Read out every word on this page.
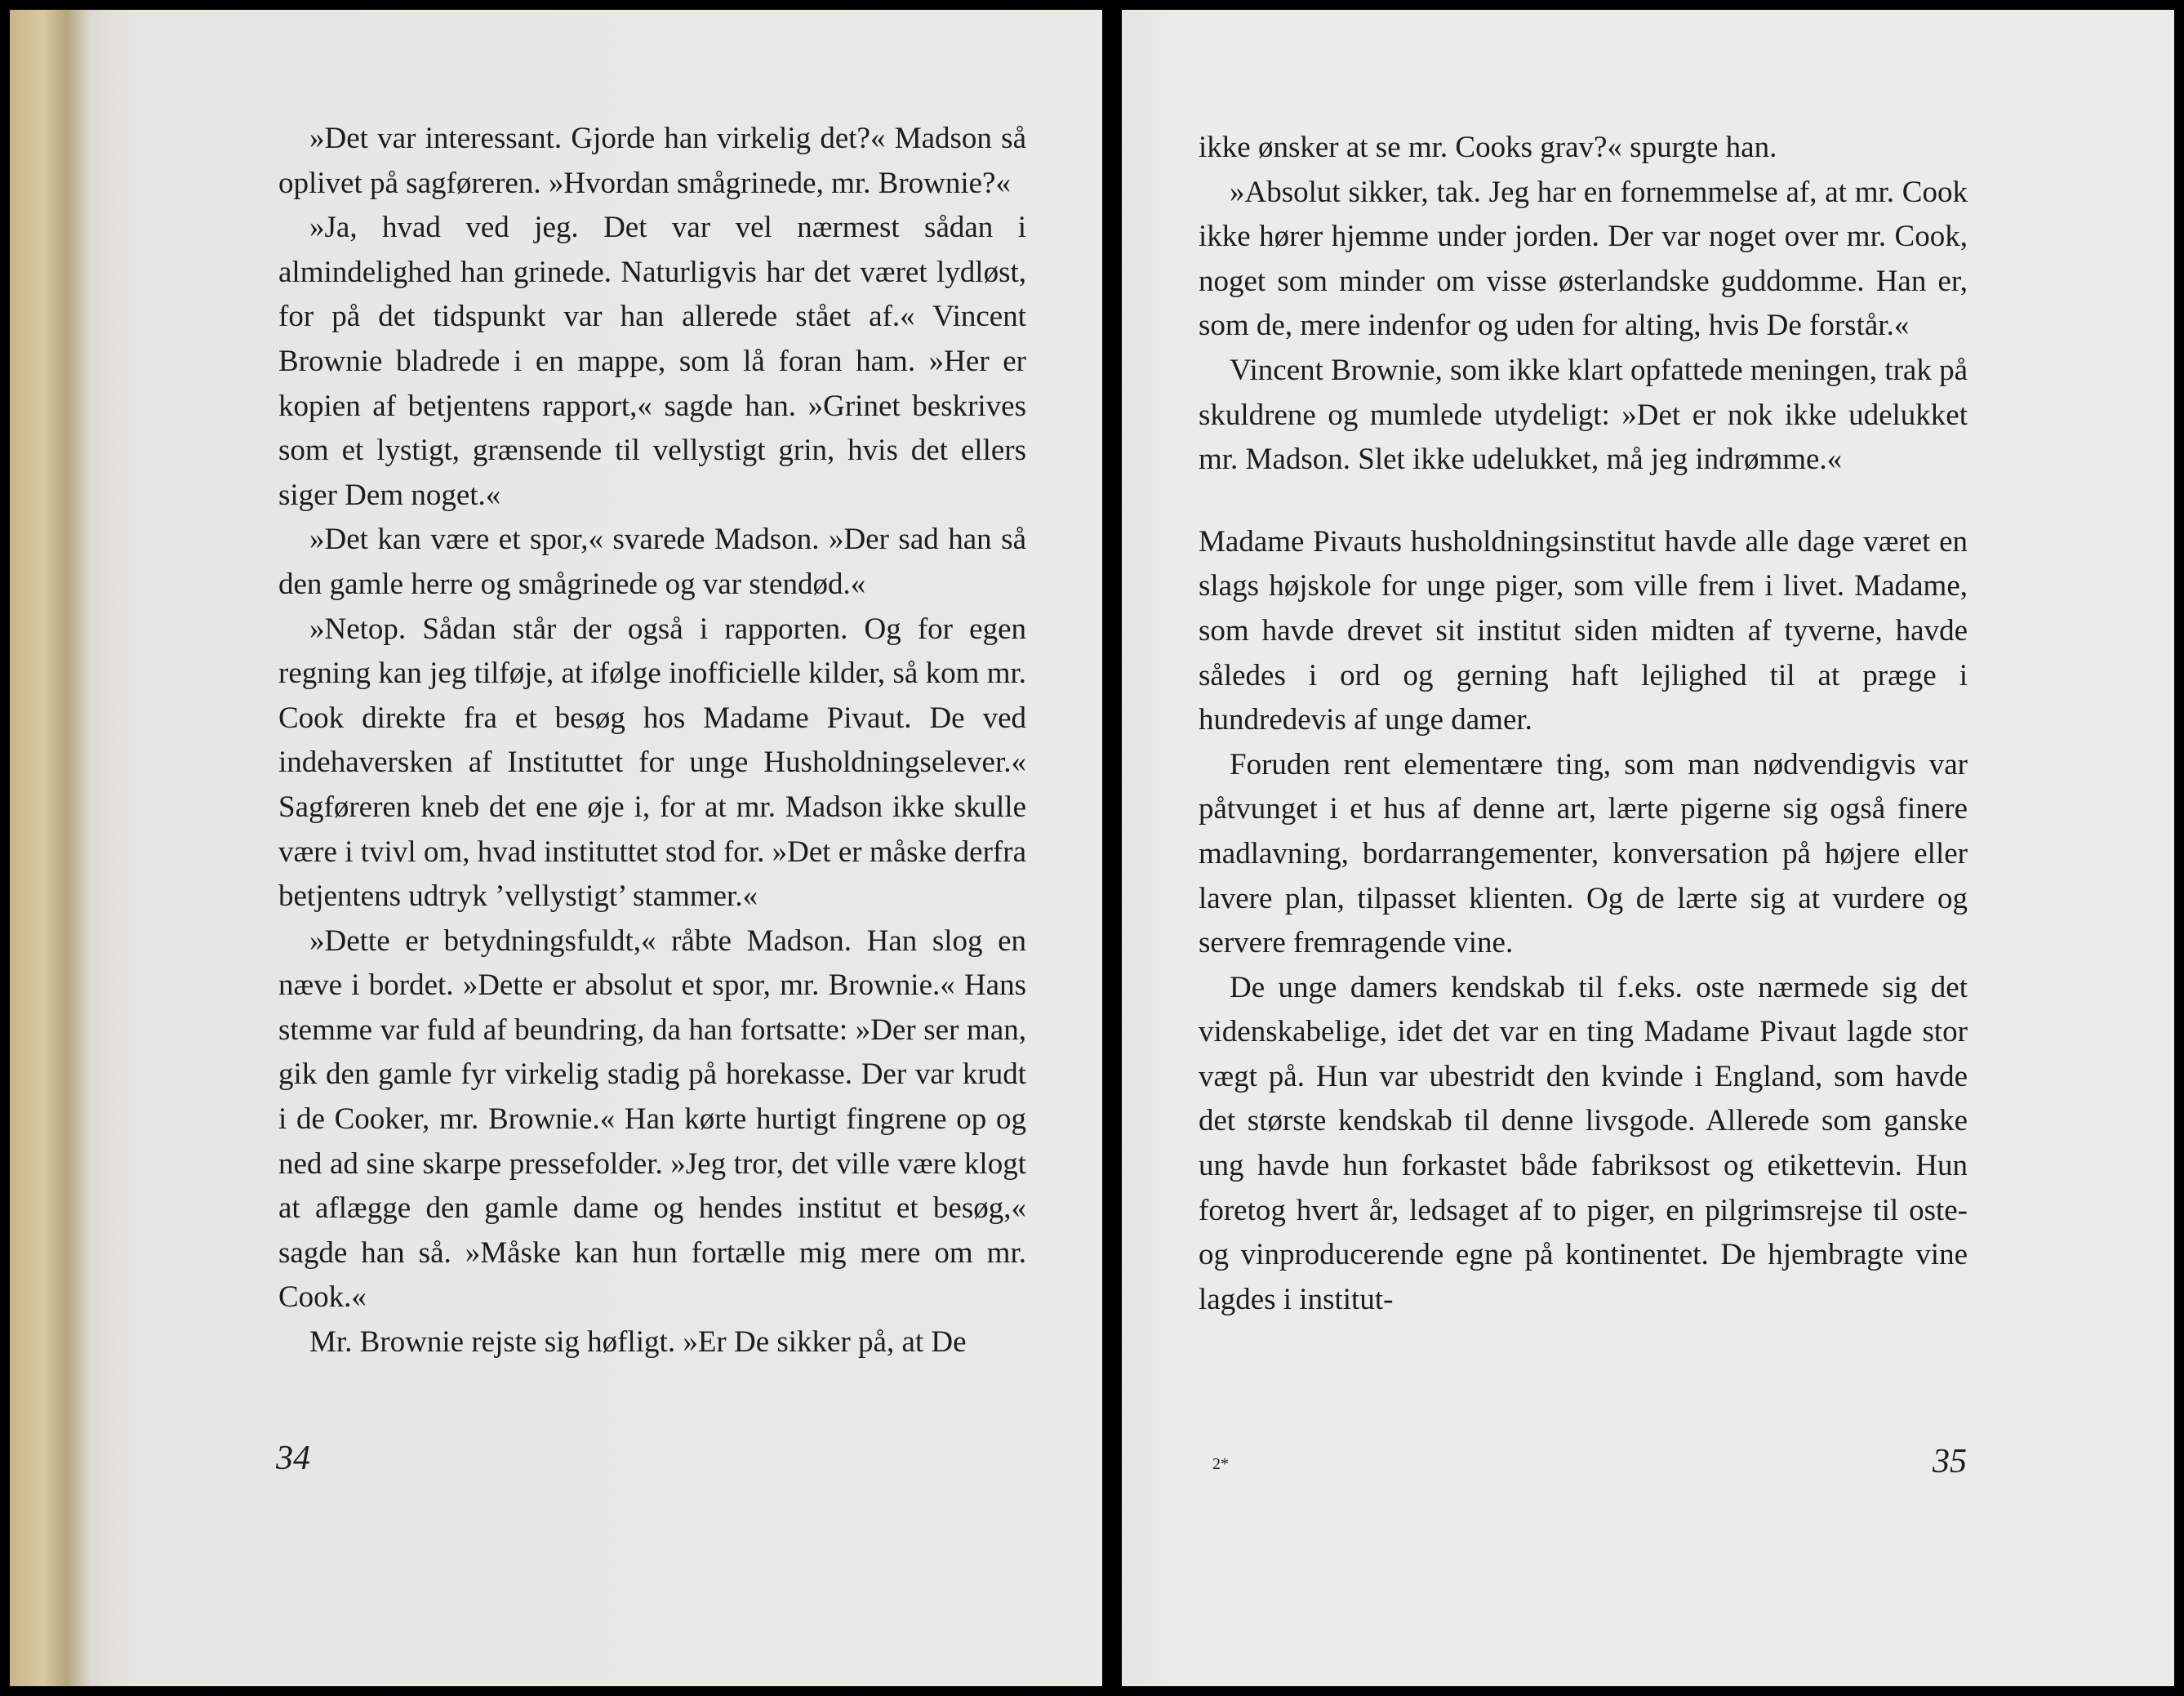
»Det var interessant. Gjorde han virkelig det?« Madson så oplivet på sagføreren. »Hvordan smågrinede, mr. Brownie?«

»Ja, hvad ved jeg. Det var vel nærmest sådan i almindelighed han grinede. Naturligvis har det været lydløst, for på det tidspunkt var han allerede stået af.« Vincent Brownie bladrede i en mappe, som lå foran ham. »Her er kopien af betjentens rapport,« sagde han. »Grinet beskrives som et lystigt, grænsende til vellystigt grin, hvis det ellers siger Dem noget.«

»Det kan være et spor,« svarede Madson. »Der sad han så den gamle herre og smågrinede og var stendød.«

»Netop. Sådan står der også i rapporten. Og for egen regning kan jeg tilføje, at ifølge inofficielle kilder, så kom mr. Cook direkte fra et besøg hos Madame Pivaut. De ved indehaversken af Instituttet for unge Husholdningselever.« Sagføreren kneb det ene øje i, for at mr. Madson ikke skulle være i tvivl om, hvad instituttet stod for. »Det er måske derfra betjentens udtryk ’vellystigt’ stammer.«

»Dette er betydningsfuldt,« råbte Madson. Han slog en næve i bordet. »Dette er absolut et spor, mr. Brownie.« Hans stemme var fuld af beundring, da han fortsatte: »Der ser man, gik den gamle fyr virkelig stadig på horekasse. Der var krudt i de Cooker, mr. Brownie.« Han kørte hurtigt fingrene op og ned ad sine skarpe pressefolder. »Jeg tror, det ville være klogt at aflægge den gamle dame og hendes institut et besøg,« sagde han så. »Måske kan hun fortælle mig mere om mr. Cook.«

Mr. Brownie rejste sig høfligt. »Er De sikker på, at De

34

ikke ønsker at se mr. Cooks grav?« spurgte han.

»Absolut sikker, tak. Jeg har en fornemmelse af, at mr. Cook ikke hører hjemme under jorden. Der var noget over mr. Cook, noget som minder om visse østerlandske guddomme. Han er, som de, mere indenfor og uden for alting, hvis De forstår.«

Vincent Brownie, som ikke klart opfattede meningen, trak på skuldrene og mumlede utydeligt: »Det er nok ikke udelukket mr. Madson. Slet ikke udelukket, må jeg indrømme.«

Madame Pivauts husholdningsinstitut havde alle dage været en slags højskole for unge piger, som ville frem i livet. Madame, som havde drevet sit institut siden midten af tyverne, havde således i ord og gerning haft lejlighed til at præge i hundredevis af unge damer.

Foruden rent elementære ting, som man nødvendigvis var påtvunget i et hus af denne art, lærte pigerne sig også finere madlavning, bordarrangementer, konversation på højere eller lavere plan, tilpasset klienten. Og de lærte sig at vurdere og servere fremragende vine.

De unge damers kendskab til f.eks. oste nærmede sig det videnskabelige, idet det var en ting Madame Pivaut lagde stor vægt på. Hun var ubestridt den kvinde i England, som havde det største kendskab til denne livsgode. Allerede som ganske ung havde hun forkastet både fabriksost og etikettevin. Hun foretog hvert år, ledsaget af to piger, en pilgrimsrejse til oste- og vinproducerende egne på kontinentet. De hjembragte vine lagdes i institut-

2*	35
